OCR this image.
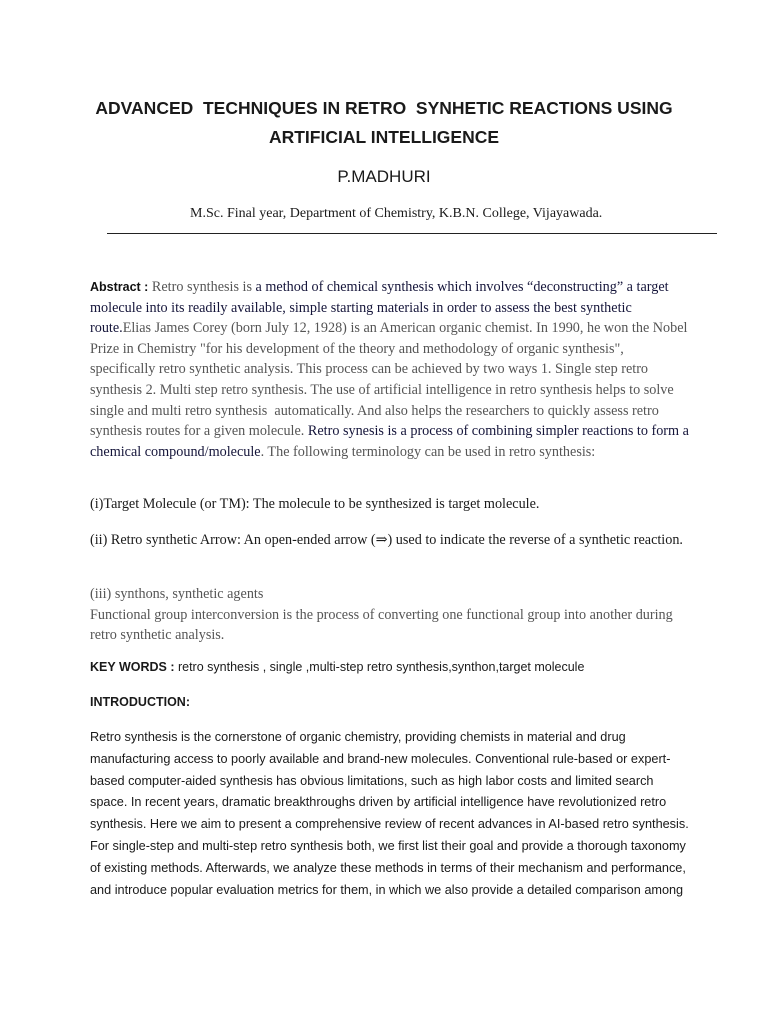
ADVANCED  TECHNIQUES IN RETRO  SYNHETIC REACTIONS USING
ARTIFICIAL INTELLIGENCE
P.MADHURI
M.Sc. Final year, Department of Chemistry, K.B.N. College, Vijayawada.
Abstract : Retro synthesis is a method of chemical synthesis which involves “deconstructing” a target molecule into its readily available, simple starting materials in order to assess the best synthetic route.Elias James Corey (born July 12, 1928) is an American organic chemist. In 1990, he won the Nobel Prize in Chemistry "for his development of the theory and methodology of organic synthesis", specifically retro synthetic analysis. This process can be achieved by two ways 1. Single step retro synthesis 2. Multi step retro synthesis. The use of artificial intelligence in retro synthesis helps to solve single and multi retro synthesis  automatically. And also helps the researchers to quickly assess retro synthesis routes for a given molecule. Retro synesis is a process of combining simpler reactions to form a chemical compound/molecule. The following terminology can be used in retro synthesis:
(i)Target Molecule (or TM): The molecule to be synthesized is target molecule.
(ii) Retro synthetic Arrow: An open-ended arrow (⇒) used to indicate the reverse of a synthetic reaction.
(iii) synthons, synthetic agents
Functional group interconversion is the process of converting one functional group into another during retro synthetic analysis.
KEY WORDS : retro synthesis , single ,multi-step retro synthesis,synthon,target molecule
INTRODUCTION:
Retro synthesis is the cornerstone of organic chemistry, providing chemists in material and drug manufacturing access to poorly available and brand-new molecules. Conventional rule-based or expert-based computer-aided synthesis has obvious limitations, such as high labor costs and limited search space. In recent years, dramatic breakthroughs driven by artificial intelligence have revolutionized retro synthesis. Here we aim to present a comprehensive review of recent advances in AI-based retro synthesis. For single-step and multi-step retro synthesis both, we first list their goal and provide a thorough taxonomy of existing methods. Afterwards, we analyze these methods in terms of their mechanism and performance, and introduce popular evaluation metrics for them, in which we also provide a detailed comparison among
